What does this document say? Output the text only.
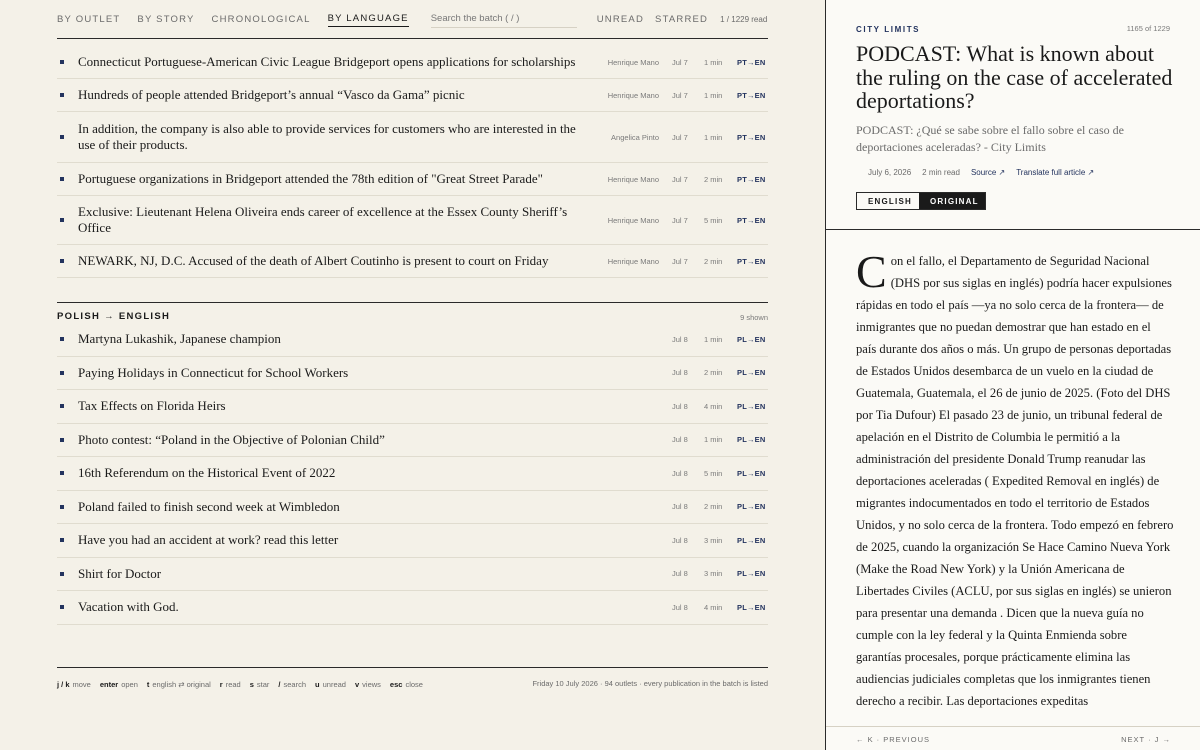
BY OUTLET BY STORY CHRONOLOGICAL BY LANGUAGE
Search the batch ( / )	UNREAD STARRED 1 / 1229 read
Connecticut Portuguese-American Civic League Bridgeport opens applications for scholarships	Henrique Mano Jul 7 1 min PT→EN
Hundreds of people attended Bridgeport’s annual “Vasco da Gama” picnic	Henrique Mano Jul 7 1 min PT→EN
In addition, the company is also able to provide services for customers who are interested in the use of their products.	Angelica Pinto Jul 7 1 min PT→EN
Portuguese organizations in Bridgeport attended the 78th edition of "Great Street Parade"	Henrique Mano Jul 7 2 min PT→EN
Exclusive: Lieutenant Helena Oliveira ends career of excellence at the Essex County Sheriff’s Office	Henrique Mano Jul 7 5 min PT→EN
NEWARK, NJ, D.C. Accused of the death of Albert Coutinho is present to court on Friday	Henrique Mano Jul 7 2 min PT→EN
POLISH → ENGLISH	9 shown
Martyna Lukashik, Japanese champion	Jul 8 1 min PL→EN
Paying Holidays in Connecticut for School Workers	Jul 8 2 min PL→EN
Tax Effects on Florida Heirs	Jul 8 4 min PL→EN
Photo contest: “Poland in the Objective of Polonian Child”	Jul 8 1 min PL→EN
16th Referendum on the Historical Event of 2022	Jul 8 5 min PL→EN
Poland failed to finish second week at Wimbledon	Jul 8 2 min PL→EN
Have you had an accident at work? read this letter	Jul 8 3 min PL→EN
Shirt for Doctor	Jul 8 3 min PL→EN
Vacation with God.	Jul 8 4 min PL→EN
j / k move enter open t english ⇄ original r read s star / search u unread v views esc close	Friday 10 July 2026 · 94 outlets · every publication in the batch is listed
CITY LIMITS	1165 of 1229
PODCAST: What is known about the ruling on the case of accelerated deportations?
PODCAST: ¿Qué se sabe sobre el fallo sobre el caso de deportaciones aceleradas? - City Limits
July 6, 2026 2 min read Source ↗ Translate full article ↗
ENGLISH	ORIGINAL
Con el fallo, el Departamento de Seguridad Nacional (DHS por sus siglas en inglés) podría hacer expulsiones rápidas en todo el país —ya no solo cerca de la frontera— de inmigrantes que no puedan demostrar que han estado en el país durante dos años o más. Un grupo de personas deportadas de Estados Unidos desembarca de un vuelo en la ciudad de Guatemala, Guatemala, el 26 de junio de 2025. (Foto del DHS por Tia Dufour) El pasado 23 de junio, un tribunal federal de apelación en el Distrito de Columbia le permitió a la administración del presidente Donald Trump reanudar las deportaciones aceleradas ( Expedited Removal en inglés) de migrantes indocumentados en todo el territorio de Estados Unidos, y no solo cerca de la frontera. Todo empezó en febrero de 2025, cuando la organización Se Hace Camino Nueva York (Make the Road New York) y la Unión Americana de Libertades Civiles (ACLU, por sus siglas en inglés) se unieron para presentar una demanda . Dicen que la nueva guía no cumple con la ley federal y la Quinta Enmienda sobre garantías procesales, porque prácticamente elimina las audiencias judiciales completas que los inmigrantes tienen derecho a recibir. Las deportaciones expeditas
← K · PREVIOUS	NEXT · J →
